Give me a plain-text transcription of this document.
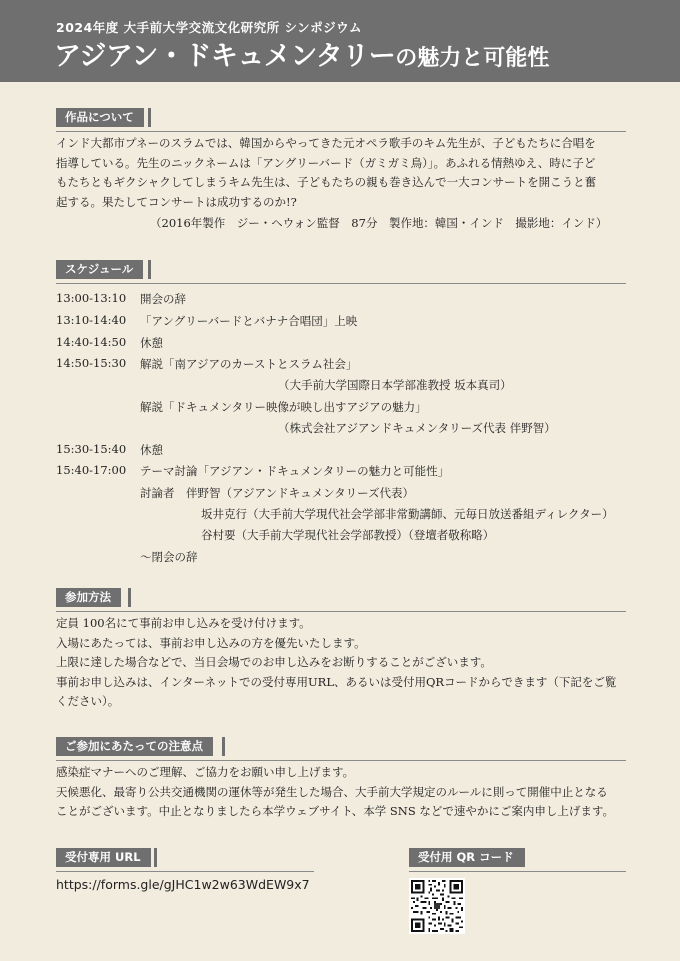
2024年度 大手前大学交流文化研究所 シンポジウム
アジアン・ドキュメンタリーの魅力と可能性
作品について

インド大都市プネーのスラムでは、韓国からやってきた元オペラ歌手のキム先生が、子どもたちに合唱を

指導している。先生のニックネームは「アングリーバード（ガミガミ鳥）」。あふれる情熱ゆえ、時に子ど

もたちともギクシャクしてしまうキム先生は、子どもたちの親も巻き込んで一大コンサートを開こうと奮

起する。果たしてコンサートは成功するのか!?

（2016年製作　ジー・ヘウォン監督　87分　製作地：韓国・インド　撮影地：インド）
スケジュール
13:00-13:10 開会の辞
13:10-14:40 「アングリーバードとバナナ合唱団」上映
14:40-14:50 休憩
14:50-15:30 解説「南アジアのカーストとスラム社会」
（大手前大学国際日本学部准教授 坂本真司）
解説「ドキュメンタリー映像が映し出すアジアの魅力」
（株式会社アジアンドキュメンタリーズ代表 伴野智）
15:30-15:40 休憩
15:40-17:00 テーマ討論「アジアン・ドキュメンタリーの魅力と可能性」
討論者　伴野智（アジアンドキュメンタリーズ代表）
坂井克行（大手前大学現代社会学部非常勤講師、元毎日放送番組ディレクター）
谷村要（大手前大学現代社会学部教授）（登壇者敬称略）
〜閉会の辞
参加方法

定員 100名にて事前お申し込みを受け付けます。

入場にあたっては、事前お申し込みの方を優先いたします。

上限に達した場合などで、当日会場でのお申し込みをお断りすることがございます。

事前お申し込みは、インターネットでの受付専用URL、あるいは受付用QRコードからできます（下記をご覧

ください）。

ご参加にあたっての注意点

感染症マナーへのご理解、ご協力をお願い申し上げます。

天候悪化、最寄り公共交通機関の運休等が発生した場合、大手前大学規定のルールに則って開催中止となる

ことがございます。中止となりましたら本学ウェブサイト、本学 SNS などで速やかにご案内申し上げます。

受付専用 URL
https://forms.gle/gJHC1w2w63WdEW9x7
受付用 QR コード
